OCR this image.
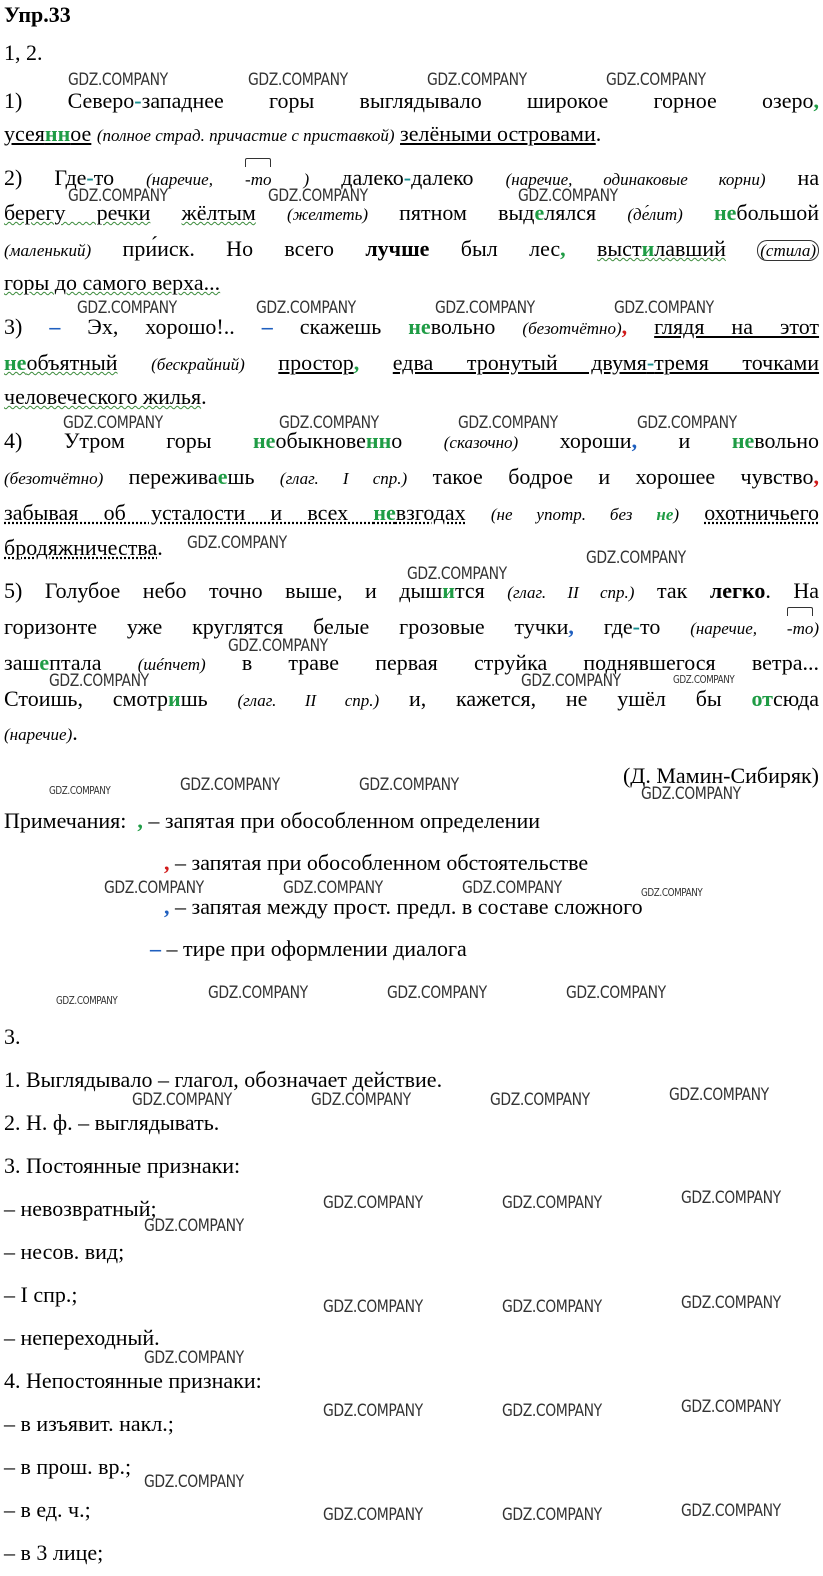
Упр.33
1, 2.
1) Северо-западнее горы выглядывало широкое горное озеро,
усеянное (полное страд. причастие с приставкой) зелёными островами.
2) Где-то (наречие, -то ) далеко-далеко (наречие, одинаковые корни) на
берегу речки жёлтым (желтеть) пятном выделялся (де́лит) небольшой
(маленький) при́иск. Но всего лучше был лес, выстилавший (стила)
горы до самого верха...
3) – Эх, хорошо!.. – скажешь невольно (безотчётно), глядя на этот
необъятный (бескрайний) простор, едва тронутый двумя-тремя точками
человеческого жилья.
4) Утром горы необыкновенно (сказочно) хороши, и невольно
(безотчётно) переживаешь (глаг. I спр.) такое бодрое и хорошее чувство,
забывая об усталости и всех невзгодах (не употр. без не) охотничьего
бродяжничества.
5) Голубое небо точно выше, и дышится (глаг. II спр.) так легко. На
горизонте уже круглятся белые грозовые тучки, где-то (наречие, -то)
зашептала (шéпчет) в траве первая струйка поднявшегося ветра...
Стоишь, смотришь (глаг. II спр.) и, кажется, не ушёл бы отсюда
(наречие).
(Д. Мамин-Сибиряк)
Примечания: , – запятая при обособленном определении
, – запятая при обособленном обстоятельстве
, – запятая между прост. предл. в составе сложного
– – тире при оформлении диалога
3.
1. Выглядывало – глагол, обозначает действие.
2. Н. ф. – выглядывать.
3. Постоянные признаки:
– невозвратный;
– несов. вид;
– I спр.;
– непереходный.
4. Непостоянные признаки:
– в изъявит. накл.;
– в прош. вр.;
– в ед. ч.;
– в 3 лице;
GDZ.COMPANY	GDZ.COMPANY	GDZ.COMPANY	GDZ.COMPANY
GDZ.COMPANY	GDZ.COMPANY	GDZ.COMPANY
GDZ.COMPANY	GDZ.COMPANY	GDZ.COMPANY	GDZ.COMPANY
GDZ.COMPANY	GDZ.COMPANY	GDZ.COMPANY	GDZ.COMPANY
GDZ.COMPANY
GDZ.COMPANY
GDZ.COMPANY
GDZ.COMPANY
GDZ.COMPANY	GDZ.COMPANY	GDZ.COMPANY
GDZ.COMPANY	GDZ.COMPANY	GDZ.COMPANY	GDZ.COMPANY
GDZ.COMPANY	GDZ.COMPANY	GDZ.COMPANY	GDZ.COMPANY
GDZ.COMPANY	GDZ.COMPANY	GDZ.COMPANY	GDZ.COMPANY
GDZ.COMPANY	GDZ.COMPANY	GDZ.COMPANY	GDZ.COMPANY
GDZ.COMPANY	GDZ.COMPANY	GDZ.COMPANY
GDZ.COMPANY
GDZ.COMPANY	GDZ.COMPANY	GDZ.COMPANY
GDZ.COMPANY
GDZ.COMPANY	GDZ.COMPANY	GDZ.COMPANY
GDZ.COMPANY
GDZ.COMPANY	GDZ.COMPANY	GDZ.COMPANY
